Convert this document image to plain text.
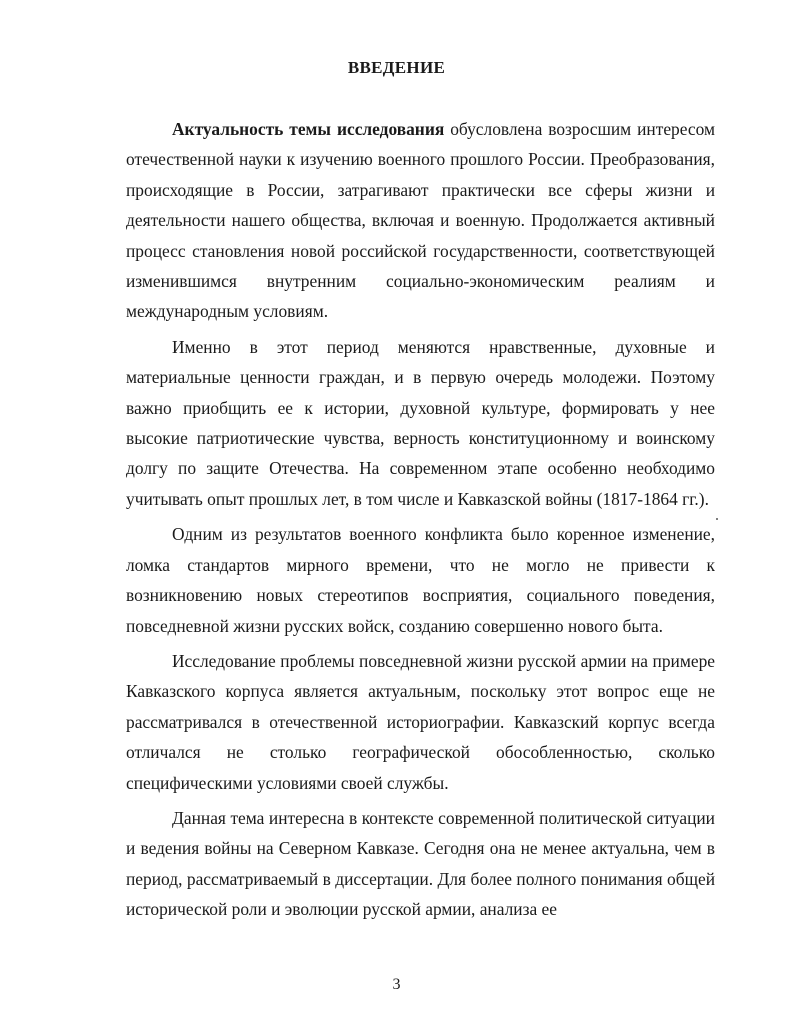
ВВЕДЕНИЕ

Актуальность темы исследования обусловлена возросшим интересом отечественной науки к изучению военного прошлого России. Преобразования, происходящие в России, затрагивают практически все сферы жизни и деятельности нашего общества, включая и военную. Продолжается активный процесс становления новой российской государственности, соответствующей изменившимся внутренним социально-экономическим реалиям и международным условиям.

Именно в этот период меняются нравственные, духовные и материальные ценности граждан, и в первую очередь молодежи. Поэтому важно приобщить ее к истории, духовной культуре, формировать у нее высокие патриотические чувства, верность конституционному и воинскому долгу по защите Отечества. На современном этапе особенно необходимо учитывать опыт прошлых лет, в том числе и Кавказской войны (1817-1864 гг.).

Одним из результатов военного конфликта было коренное изменение, ломка стандартов мирного времени, что не могло не привести к возникновению новых стереотипов восприятия, социального поведения, повседневной жизни русских войск, созданию совершенно нового быта.

Исследование проблемы повседневной жизни русской армии на примере Кавказского корпуса является актуальным, поскольку этот вопрос еще не рассматривался в отечественной историографии. Кавказский корпус всегда отличался не столько географической обособленностью, сколько специфическими условиями своей службы.

Данная тема интересна в контексте современной политической ситуации и ведения войны на Северном Кавказе. Сегодня она не менее актуальна, чем в период, рассматриваемый в диссертации. Для более полного понимания общей исторической роли и эволюции русской армии, анализа ее

3
